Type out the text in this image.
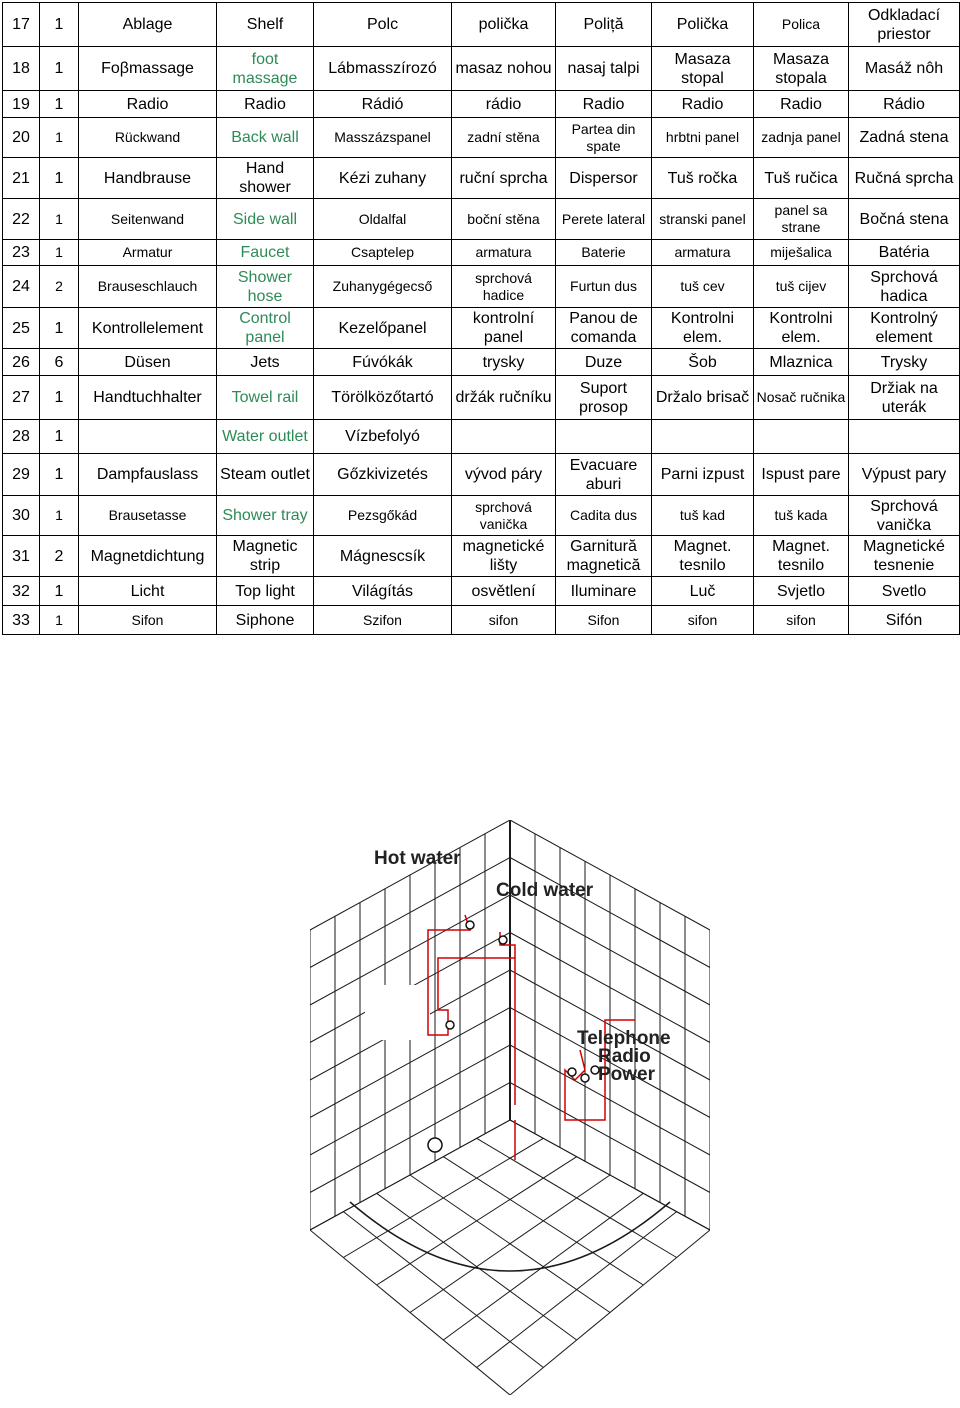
17	1	Ablage	Shelf	Polc	polička	Poliță	Polička	Polica	Odkladací priestor
18	1	Foβmassage	foot massage	Lábmasszírozó	masaz nohou	nasaj talpi	Masaza stopal	Masaza stopala	Masáž nôh
19	1	Radio	Radio	Rádió	rádio	Radio	Radio	Radio	Rádio
20	1	Rückwand	Back wall	Masszázspanel	zadní stěna	Partea din spate	hrbtni panel	zadnja panel	Zadná stena
21	1	Handbrause	Hand shower	Kézi zuhany	ruční sprcha	Dispersor	Tuš ročka	Tuš ručica	Ručná sprcha
22	1	Seitenwand	Side wall	Oldalfal	boční stěna	Perete lateral	stranski panel	panel sa strane	Bočná stena
23	1	Armatur	Faucet	Csaptelep	armatura	Baterie	armatura	miješalica	Batéria
24	2	Brauseschlauch	Shower hose	Zuhanygégecső	sprchová hadice	Furtun dus	tuš cev	tuš cijev	Sprchová hadica
25	1	Kontrollelement	Control panel	Kezelőpanel	kontrolní panel	Panou de comanda	Kontrolni elem.	Kontrolni elem.	Kontrolný element
26	6	Düsen	Jets	Fúvókák	trysky	Duze	Šob	Mlaznica	Trysky
27	1	Handtuchhalter	Towel rail	Törölközőtartó	držák ručníku	Suport prosop	Držalo brisač	Nosač ručnika	Držiak na uterák
28	1		Water outlet	Vízbefolyó					
29	1	Dampfauslass	Steam outlet	Gőzkivizetés	vývod páry	Evacuare aburi	Parni izpust	Ispust pare	Výpust pary
30	1	Brausetasse	Shower tray	Pezsgőkád	sprchová vanička	Cadita dus	tuš kad	tuš kada	Sprchová vanička
31	2	Magnetdichtung	Magnetic strip	Mágnescsík	magnetické lišty	Garnitură magnetică	Magnet. tesnilo	Magnet. tesnilo	Magnetické tesnenie
32	1	Licht	Top light	Világítás	osvětlení	Iluminare	Luč	Svjetlo	Svetlo
33	1	Sifon	Siphone	Szifon	sifon	Sifon	sifon	sifon	Sifón
Hot water
Cold water
Telephone
Radio
Power
